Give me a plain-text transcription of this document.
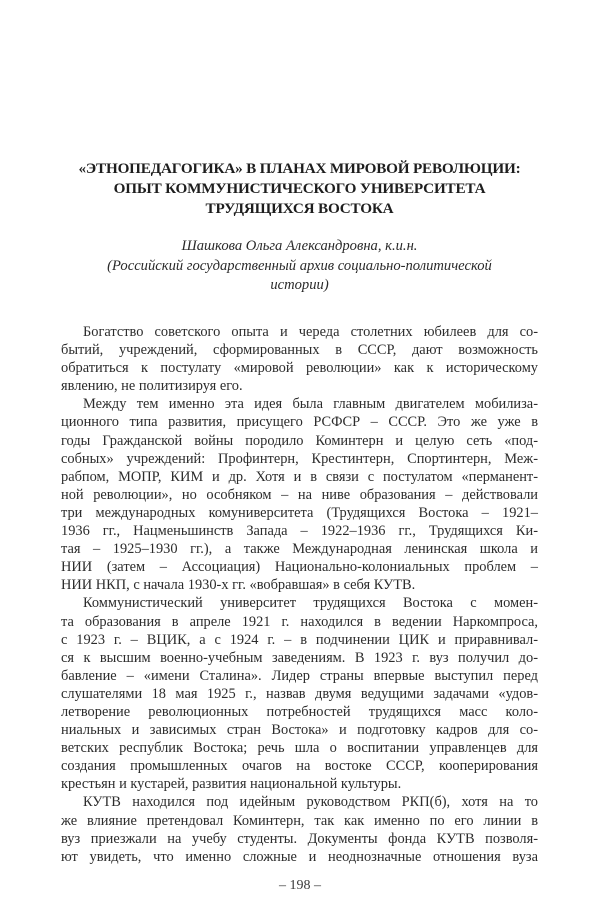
«ЭТНОПЕДАГОГИКА» В ПЛАНАХ МИРОВОЙ РЕВОЛЮЦИИ:
ОПЫТ КОММУНИСТИЧЕСКОГО УНИВЕРСИТЕТА
ТРУДЯЩИХСЯ ВОСТОКА
Шашкова Ольга Александровна, к.и.н.
(Российский государственный архив социально-политической
истории)
Богатство советского опыта и череда столетних юбилеев для со-
бытий, учреждений, сформированных в СССР, дают возможность
обратиться к постулату «мировой революции» как к историческому
явлению, не политизируя его.
Между тем именно эта идея была главным двигателем мобилиза-
ционного типа развития, присущего РСФСР – СССР. Это же уже в
годы Гражданской войны породило Коминтерн и целую сеть «под-
собных» учреждений: Профинтерн, Крестинтерн, Спортинтерн, Меж-
рабпом, МОПР, КИМ и др. Хотя и в связи с постулатом «перманент-
ной революции», но особняком – на ниве образования – действовали
три международных комуниверситета (Трудящихся Востока – 1921–
1936 гг., Нацменьшинств Запада – 1922–1936 гг., Трудящихся Ки-
тая – 1925–1930 гг.), а также Международная ленинская школа и
НИИ (затем – Ассоциация) Национально-колониальных проблем –
НИИ НКП, с начала 1930-х гг. «вобравшая» в себя КУТВ.
Коммунистический университет трудящихся Востока с момен-
та образования в апреле 1921 г. находился в ведении Наркомпроса,
с 1923 г. – ВЦИК, а с 1924 г. – в подчинении ЦИК и приравнивал-
ся к высшим военно-учебным заведениям. В 1923 г. вуз получил до-
бавление – «имени Сталина». Лидер страны впервые выступил перед
слушателями 18 мая 1925 г., назвав двумя ведущими задачами «удов-
летворение революционных потребностей трудящихся масс коло-
ниальных и зависимых стран Востока» и подготовку кадров для со-
ветских республик Востока; речь шла о воспитании управленцев для
создания промышленных очагов на востоке СССР, кооперирования
крестьян и кустарей, развития национальной культуры.
КУТВ находился под идейным руководством РКП(б), хотя на то
же влияние претендовал Коминтерн, так как именно по его линии в
вуз приезжали на учебу студенты. Документы фонда КУТВ позволя-
ют увидеть, что именно сложные и неоднозначные отношения вуза
– 198 –
